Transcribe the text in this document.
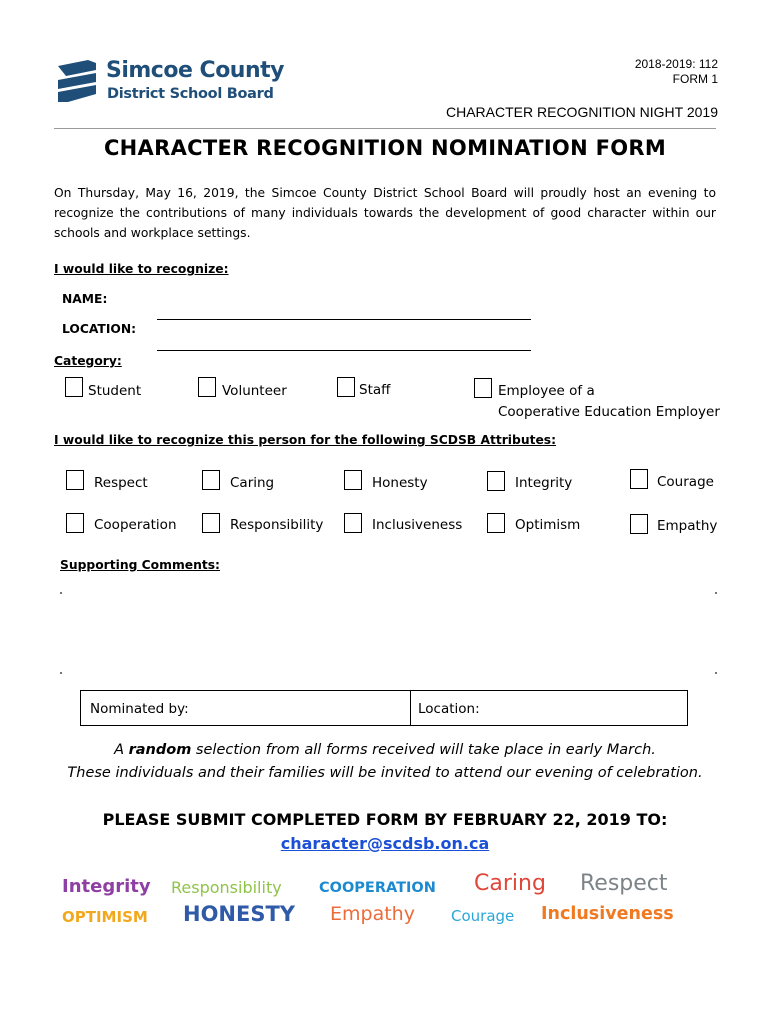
Simcoe County
District School Board
2018-2019: 112
FORM 1
CHARACTER RECOGNITION NIGHT 2019
CHARACTER RECOGNITION NOMINATION FORM
On Thursday, May 16, 2019, the Simcoe County District School Board will proudly host an evening to recognize the contributions of many individuals towards the development of good character within our schools and workplace settings.
I would like to recognize:
NAME:
LOCATION:
Category:
Student	Volunteer	Staff	Employee of a
Cooperative Education Employer
I would like to recognize this person for the following SCDSB Attributes:
Respect	Caring	Honesty	Integrity	Courage
Cooperation	Responsibility	Inclusiveness	Optimism	Empathy
Supporting Comments:
Nominated by:	Location:
A random selection from all forms received will take place in early March.
These individuals and their families will be invited to attend our evening of celebration.
PLEASE SUBMIT COMPLETED FORM BY FEBRUARY 22, 2019 TO:
character@scdsb.on.ca
Integrity Responsibility	COOPERATION Caring Respect
OPTIMISM HONESTY Empathy Courage Inclusiveness
